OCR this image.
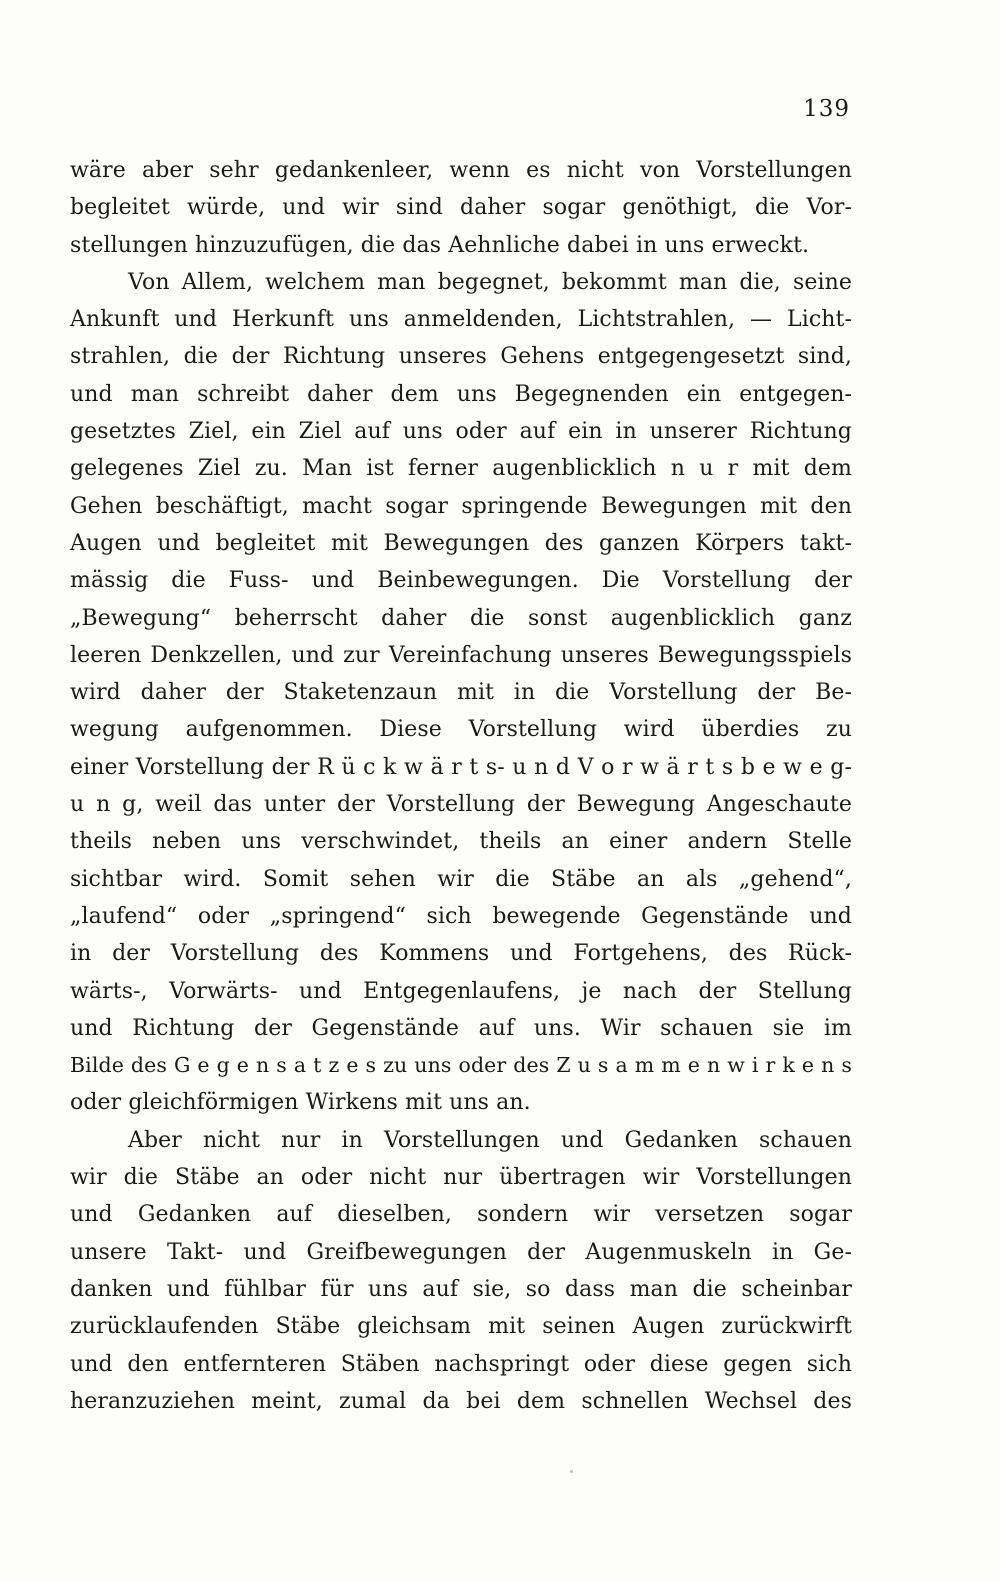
139
wäre aber sehr gedankenleer, wenn es nicht von Vorstellungen
begleitet würde, und wir sind daher sogar genöthigt, die Vor-
stellungen hinzuzufügen, die das Aehnliche dabei in uns erweckt.
Von Allem, welchem man begegnet, bekommt man die, seine
Ankunft und Herkunft uns anmeldenden, Lichtstrahlen, — Licht-
strahlen, die der Richtung unseres Gehens entgegengesetzt sind,
und man schreibt daher dem uns Begegnenden ein entgegen-
gesetztes Ziel, ein Ziel auf uns oder auf ein in unserer Richtung
gelegenes Ziel zu. Man ist ferner augenblicklich n u r mit dem
Gehen beschäftigt, macht sogar springende Bewegungen mit den
Augen und begleitet mit Bewegungen des ganzen Körpers takt-
mässig die Fuss- und Beinbewegungen. Die Vorstellung der
„Bewegung“ beherrscht daher die sonst augenblicklich ganz
leeren Denkzellen, und zur Vereinfachung unseres Bewegungsspiels
wird daher der Staketenzaun mit in die Vorstellung der Be-
wegung aufgenommen. Diese Vorstellung wird überdies zu
einer Vorstellung der R ü c k w ä r t s- u n d V o r w ä r t s b e w e g-
u n g, weil das unter der Vorstellung der Bewegung Angeschaute
theils neben uns verschwindet, theils an einer andern Stelle
sichtbar wird. Somit sehen wir die Stäbe an als „gehend“,
„laufend“ oder „springend“ sich bewegende Gegenstände und
in der Vorstellung des Kommens und Fortgehens, des Rück-
wärts-, Vorwärts- und Entgegenlaufens, je nach der Stellung
und Richtung der Gegenstände auf uns. Wir schauen sie im
Bilde des G e g e n s a t z e s zu uns oder des Z u s a m m e n w i r k e n s
oder gleichförmigen Wirkens mit uns an.
Aber nicht nur in Vorstellungen und Gedanken schauen
wir die Stäbe an oder nicht nur übertragen wir Vorstellungen
und Gedanken auf dieselben, sondern wir versetzen sogar
unsere Takt- und Greifbewegungen der Augenmuskeln in Ge-
danken und fühlbar für uns auf sie, so dass man die scheinbar
zurücklaufenden Stäbe gleichsam mit seinen Augen zurückwirft
und den entfernteren Stäben nachspringt oder diese gegen sich
heranzuziehen meint, zumal da bei dem schnellen Wechsel des
